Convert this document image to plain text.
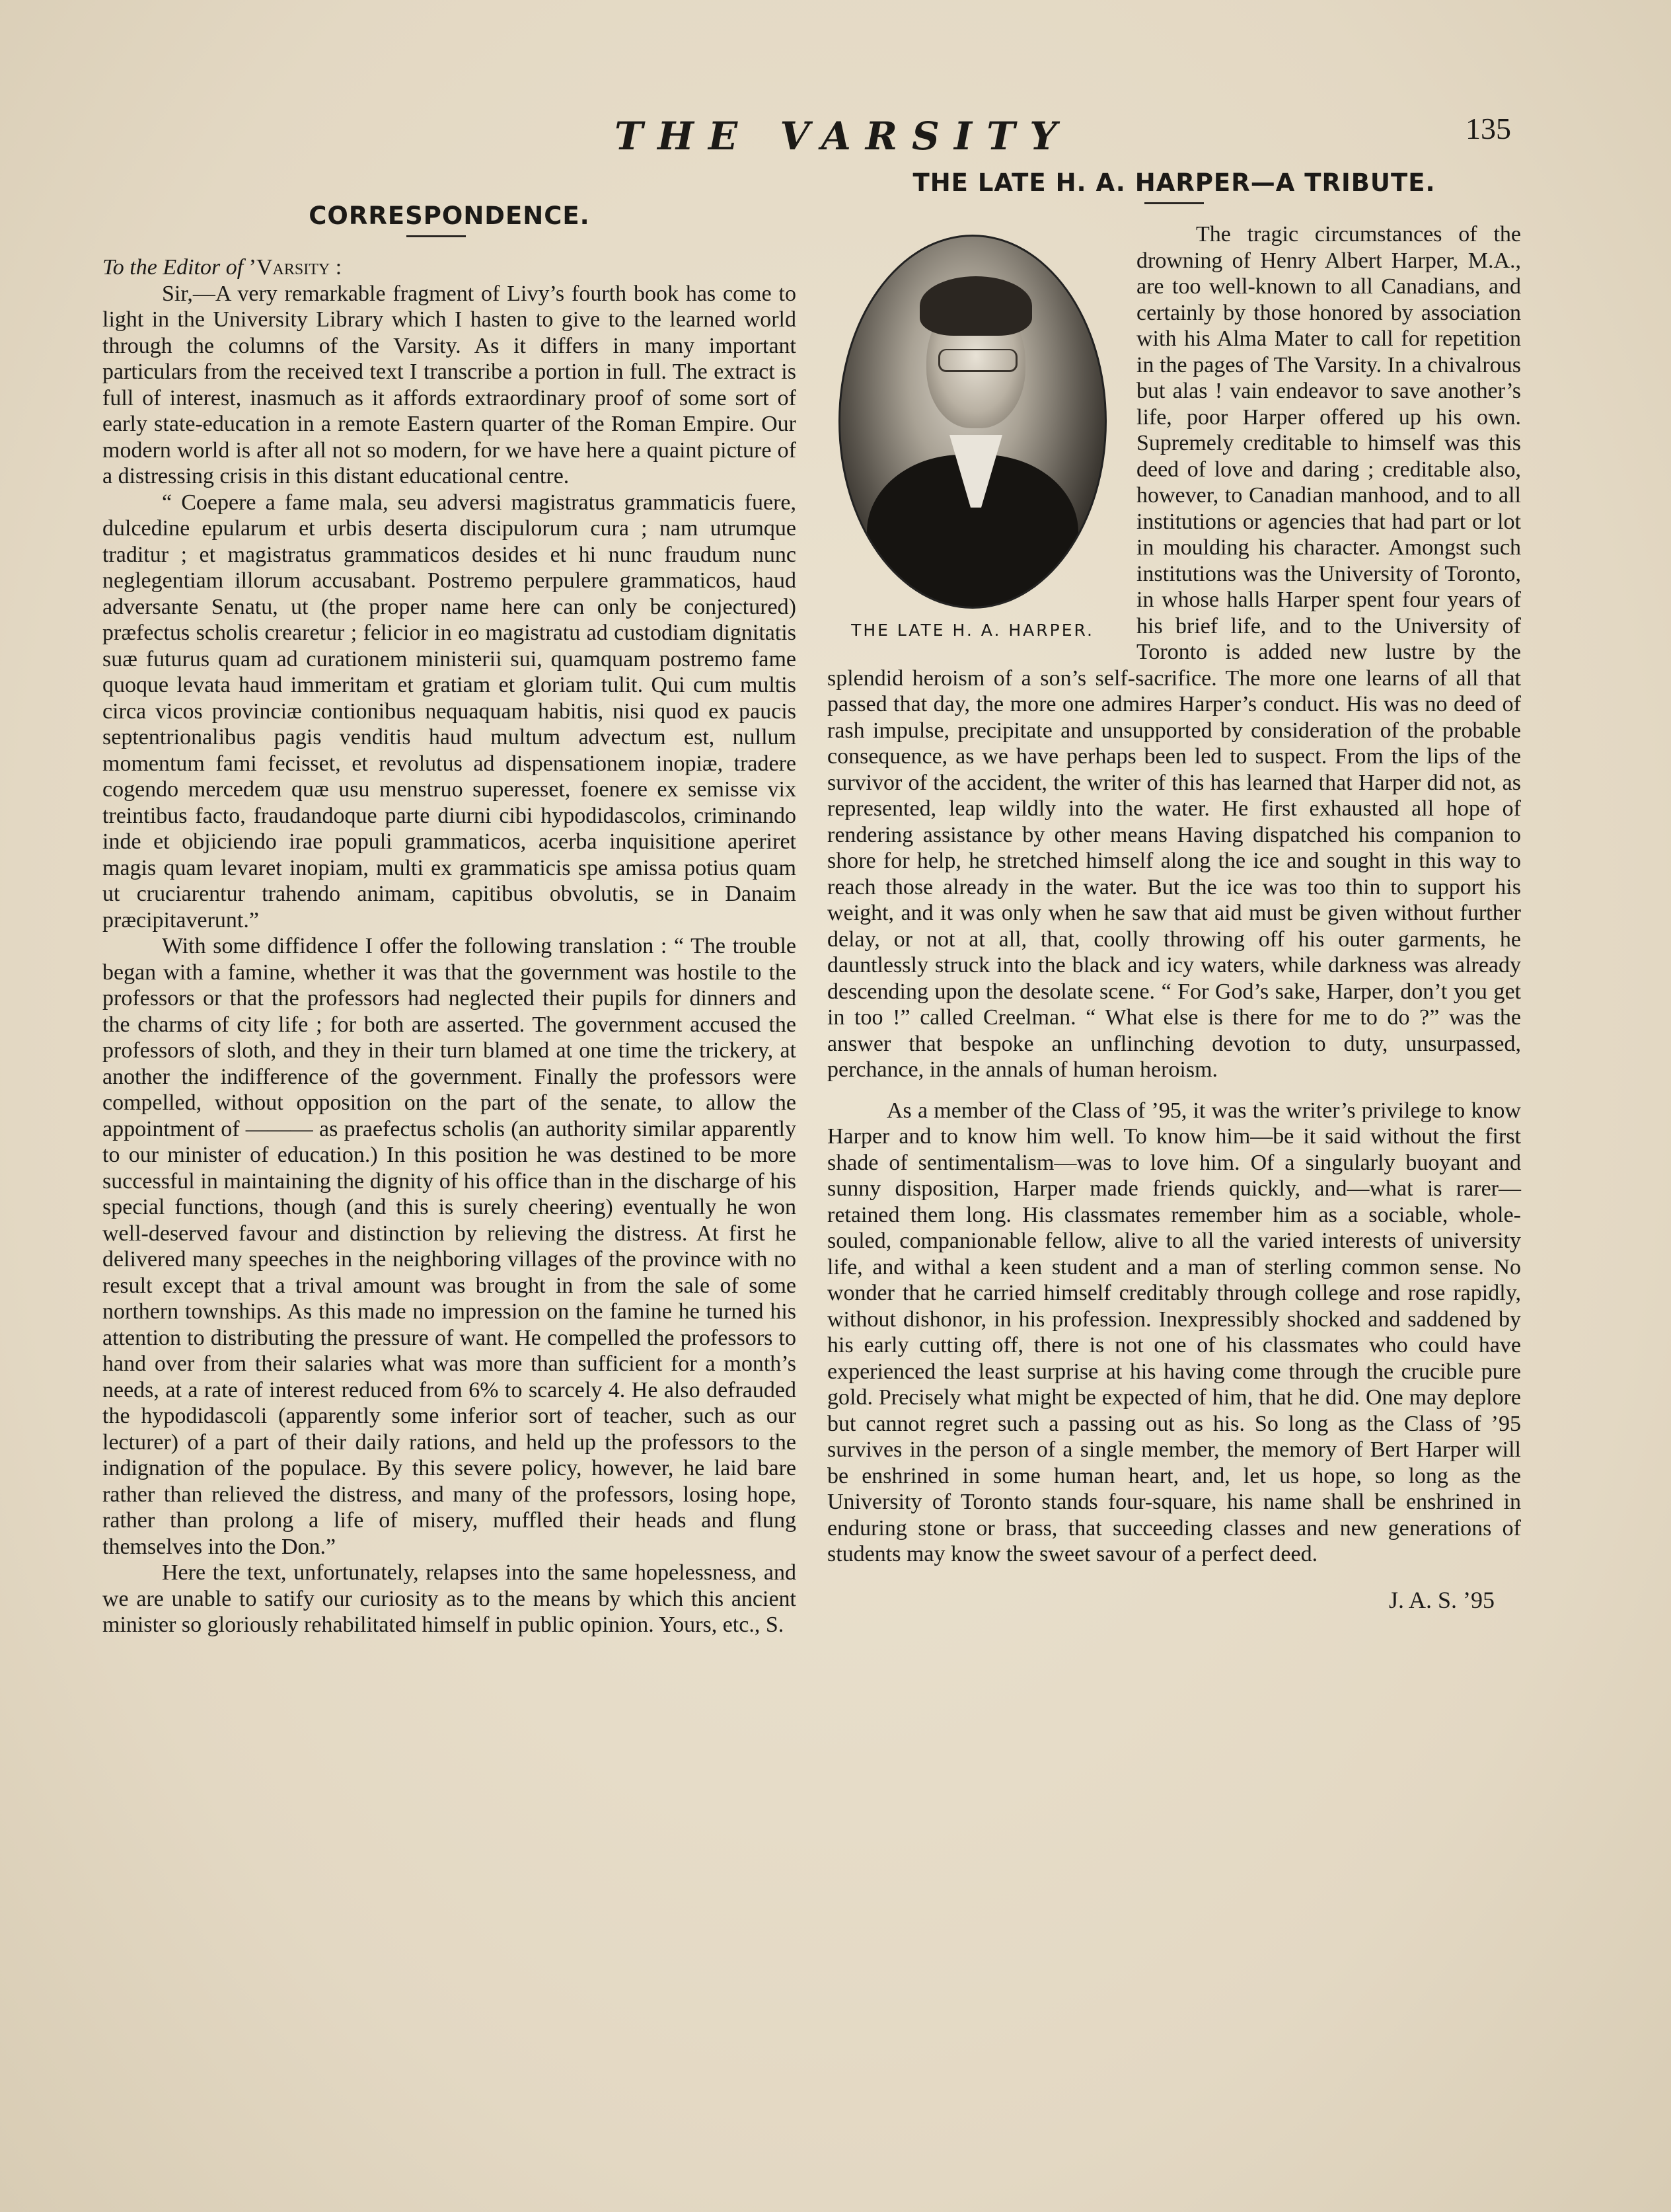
THE VARSITY	135
CORRESPONDENCE.

To the Editor of ’Varsity :

Sir,—A very remarkable fragment of Livy’s fourth book has come to light in the University Library which I hasten to give to the learned world through the columns of the Varsity. As it differs in many important particulars from the received text I transcribe a portion in full. The extract is full of interest, inasmuch as it affords extraordinary proof of some sort of early state-education in a remote Eastern quarter of the Roman Empire. Our modern world is after all not so modern, for we have here a quaint picture of a distressing crisis in this distant educational centre.

“ Coepere a fame mala, seu adversi magistratus grammaticis fuere, dulcedine epularum et urbis deserta discipulorum cura ; nam utrumque traditur ; et magistratus grammaticos desides et hi nunc fraudum nunc neglegentiam illorum accusabant. Postremo perpulere grammaticos, haud adversante Senatu, ut (the proper name here can only be conjectured) præfectus scholis crearetur ; felicior in eo magistratu ad custodiam dignitatis suæ futurus quam ad curationem ministerii sui, quamquam postremo fame quoque levata haud immeritam et gratiam et gloriam tulit. Qui cum multis circa vicos provinciæ contionibus nequaquam habitis, nisi quod ex paucis septentrionalibus pagis venditis haud multum advectum est, nullum momentum fami fecisset, et revolutus ad dispensationem inopiæ, tradere cogendo mercedem quæ usu menstruo superesset, foenere ex semisse vix treintibus facto, fraudandoque parte diurni cibi hypodidascolos, criminando inde et objiciendo irae populi grammaticos, acerba inquisitione aperiret magis quam levaret inopiam, multi ex grammaticis spe amissa potius quam ut cruciarentur trahendo animam, capitibus obvolutis, se in Danaim præcipitaverunt.”

With some diffidence I offer the following translation : “ The trouble began with a famine, whether it was that the government was hostile to the professors or that the professors had neglected their pupils for dinners and the charms of city life ; for both are asserted. The government accused the professors of sloth, and they in their turn blamed at one time the trickery, at another the indifference of the government. Finally the professors were compelled, without opposition on the part of the senate, to allow the appointment of ——— as praefectus scholis (an authority similar apparently to our minister of education.) In this position he was destined to be more successful in maintaining the dignity of his office than in the discharge of his special functions, though (and this is surely cheering) eventually he won well-deserved favour and distinction by relieving the distress. At first he delivered many speeches in the neighboring villages of the province with no result except that a trival amount was brought in from the sale of some northern townships. As this made no impression on the famine he turned his attention to distributing the pressure of want. He compelled the professors to hand over from their salaries what was more than sufficient for a month’s needs, at a rate of interest reduced from 6% to scarcely 4. He also defrauded the hypodidascoli (apparently some inferior sort of teacher, such as our lecturer) of a part of their daily rations, and held up the professors to the indignation of the populace. By this severe policy, however, he laid bare rather than relieved the distress, and many of the professors, losing hope, rather than prolong a life of misery, muffled their heads and flung themselves into the Don.”

Here the text, unfortunately, relapses into the same hopelessness, and we are unable to satify our curiosity as to the means by which this ancient minister so gloriously rehabilitated himself in public opinion. Yours, etc., S.

THE LATE H. A. HARPER—A TRIBUTE.
THE LATE H. A. HARPER.

The tragic circumstances of the drowning of Henry Albert Harper, M.A., are too well-known to all Canadians, and certainly by those honored by association with his Alma Mater to call for repetition in the pages of The Varsity. In a chivalrous but alas ! vain endeavor to save another’s life, poor Harper offered up his own. Supremely creditable to himself was this deed of love and daring ; creditable also, however, to Canadian manhood, and to all institutions or agencies that had part or lot in moulding his character. Amongst such institutions was the University of Toronto, in whose halls Harper spent four years of his brief life, and to the University of Toronto is added new lustre by the splendid heroism of a son’s self-sacrifice. The more one learns of all that passed that day, the more one admires Harper’s conduct. His was no deed of rash impulse, precipitate and unsupported by consideration of the probable consequence, as we have perhaps been led to suspect. From the lips of the survivor of the accident, the writer of this has learned that Harper did not, as represented, leap wildly into the water. He first exhausted all hope of rendering assistance by other means Having dispatched his companion to shore for help, he stretched himself along the ice and sought in this way to reach those already in the water. But the ice was too thin to support his weight, and it was only when he saw that aid must be given without further delay, or not at all, that, coolly throwing off his outer garments, he dauntlessly struck into the black and icy waters, while darkness was already descending upon the desolate scene. “ For God’s sake, Harper, don’t you get in too !” called Creelman. “ What else is there for me to do ?” was the answer that bespoke an unflinching devotion to duty, unsurpassed, perchance, in the annals of human heroism.

As a member of the Class of ’95, it was the writer’s privilege to know Harper and to know him well. To know him—be it said without the first shade of sentimentalism—was to love him. Of a singularly buoyant and sunny disposition, Harper made friends quickly, and—what is rarer—retained them long. His classmates remember him as a sociable, whole-souled, companionable fellow, alive to all the varied interests of university life, and withal a keen student and a man of sterling common sense. No wonder that he carried himself creditably through college and rose rapidly, without dishonor, in his profession. Inexpressibly shocked and saddened by his early cutting off, there is not one of his classmates who could have experienced the least surprise at his having come through the crucible pure gold. Precisely what might be expected of him, that he did. One may deplore but cannot regret such a passing out as his. So long as the Class of ’95 survives in the person of a single member, the memory of Bert Harper will be enshrined in some human heart, and, let us hope, so long as the University of Toronto stands four-square, his name shall be enshrined in enduring stone or brass, that succeeding classes and new generations of students may know the sweet savour of a perfect deed.

J. A. S. ’95
